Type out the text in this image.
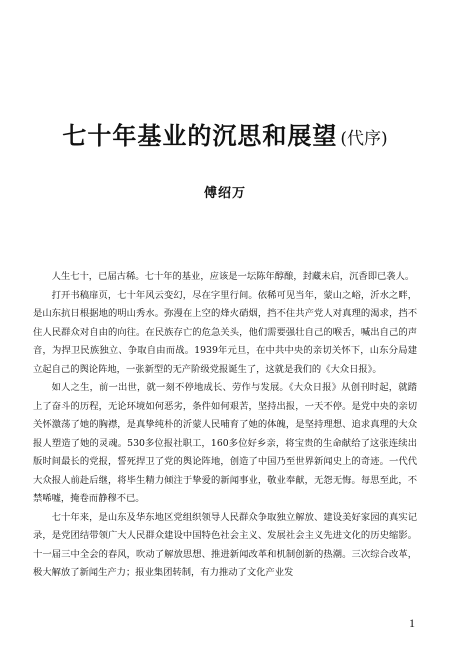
七十年基业的沉思和展望 (代序)
傅绍万

人生七十，已届古稀。七十年的基业，应该是一坛陈年醇酿，封藏未启，沉香即已袭人。

打开书稿扉页，七十年风云变幻，尽在字里行间。依稀可见当年，蒙山之峪，沂水之畔，是山东抗日根据地的明山秀水。弥漫在上空的烽火硝烟，挡不住共产党人对真理的渴求，挡不住人民群众对自由的向往。在民族存亡的危急关头，他们需要强壮自己的喉舌，喊出自己的声音，为捍卫民族独立、争取自由而战。1939年元旦，在中共中央的亲切关怀下，山东分局建立起自己的舆论阵地，一张新型的无产阶级党报诞生了，这就是我们的《大众日报》。

如人之生，前一出世，就一刻不停地成长、劳作与发展。《大众日报》从创刊时起，就踏上了奋斗的历程，无论环境如何恶劣，条件如何艰苦，坚持出报，一天不停。是党中央的亲切关怀激荡了她的胸襟，是真挚纯朴的沂蒙人民哺育了她的体魄，是坚持理想、追求真理的大众报人塑造了她的灵魂。530多位报社职工，160多位好乡亲，将宝贵的生命献给了这张连续出版时间最长的党报，誓死捍卫了党的舆论阵地，创造了中国乃至世界新闻史上的奇迹。一代代大众报人前赴后继，将毕生精力倾注于挚爱的新闻事业，敬业奉献，无怨无悔。每思至此，不禁唏嘘，掩卷而静穆不已。

七十年来，是山东及华东地区党组织领导人民群众争取独立解放、建设美好家园的真实记录，是党团结带领广大人民群众建设中国特色社会主义、发展社会主义先进文化的历史缩影。十一届三中全会的春风，吹动了解放思想、推进新闻改革和机制创新的热潮。三次综合改革，极大解放了新闻生产力；报业集团转制，有力推动了文化产业发

1
